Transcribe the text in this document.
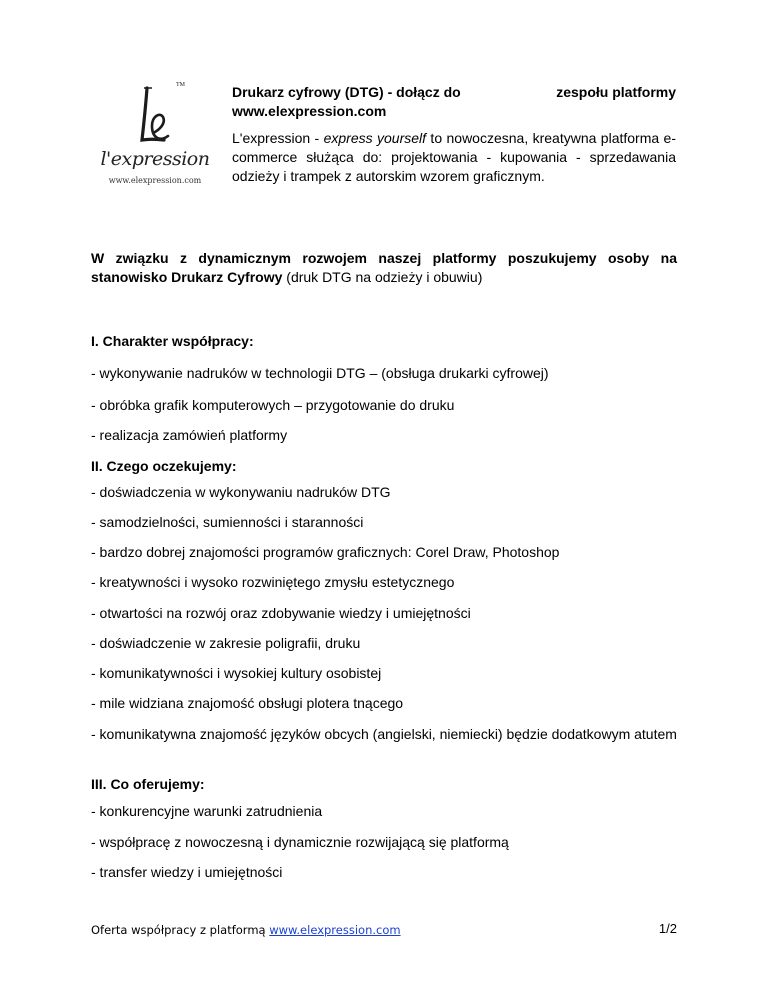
TM
l'expression
www.elexpression.com
Drukarz cyfrowy (DTG) - dołącz do	zespołu platformy
www.elexpression.com
L'expression - express yourself to nowoczesna, kreatywna platforma e-commerce służąca do: projektowania - kupowania - sprzedawania odzieży i trampek z autorskim wzorem graficznym.
W związku z dynamicznym rozwojem naszej platformy poszukujemy osoby na stanowisko Drukarz Cyfrowy (druk DTG na odzieży i obuwiu)
I. Charakter współpracy:
- wykonywanie nadruków w technologii DTG – (obsługa drukarki cyfrowej)
- obróbka grafik komputerowych – przygotowanie do druku
- realizacja zamówień platformy
II. Czego oczekujemy:
- doświadczenia w wykonywaniu nadruków DTG
- samodzielności, sumienności i staranności
- bardzo dobrej znajomości programów graficznych: Corel Draw, Photoshop
- kreatywności i wysoko rozwiniętego zmysłu estetycznego
- otwartości na rozwój oraz zdobywanie wiedzy i umiejętności
- doświadczenie w zakresie poligrafii, druku
- komunikatywności i wysokiej kultury osobistej
- mile widziana znajomość obsługi plotera tnącego
- komunikatywna znajomość języków obcych (angielski, niemiecki) będzie dodatkowym atutem
III. Co oferujemy:
- konkurencyjne warunki zatrudnienia
- współpracę z nowoczesną i dynamicznie rozwijającą się platformą
- transfer wiedzy i umiejętności
Oferta współpracy z platformą www.elexpression.com	1/2
